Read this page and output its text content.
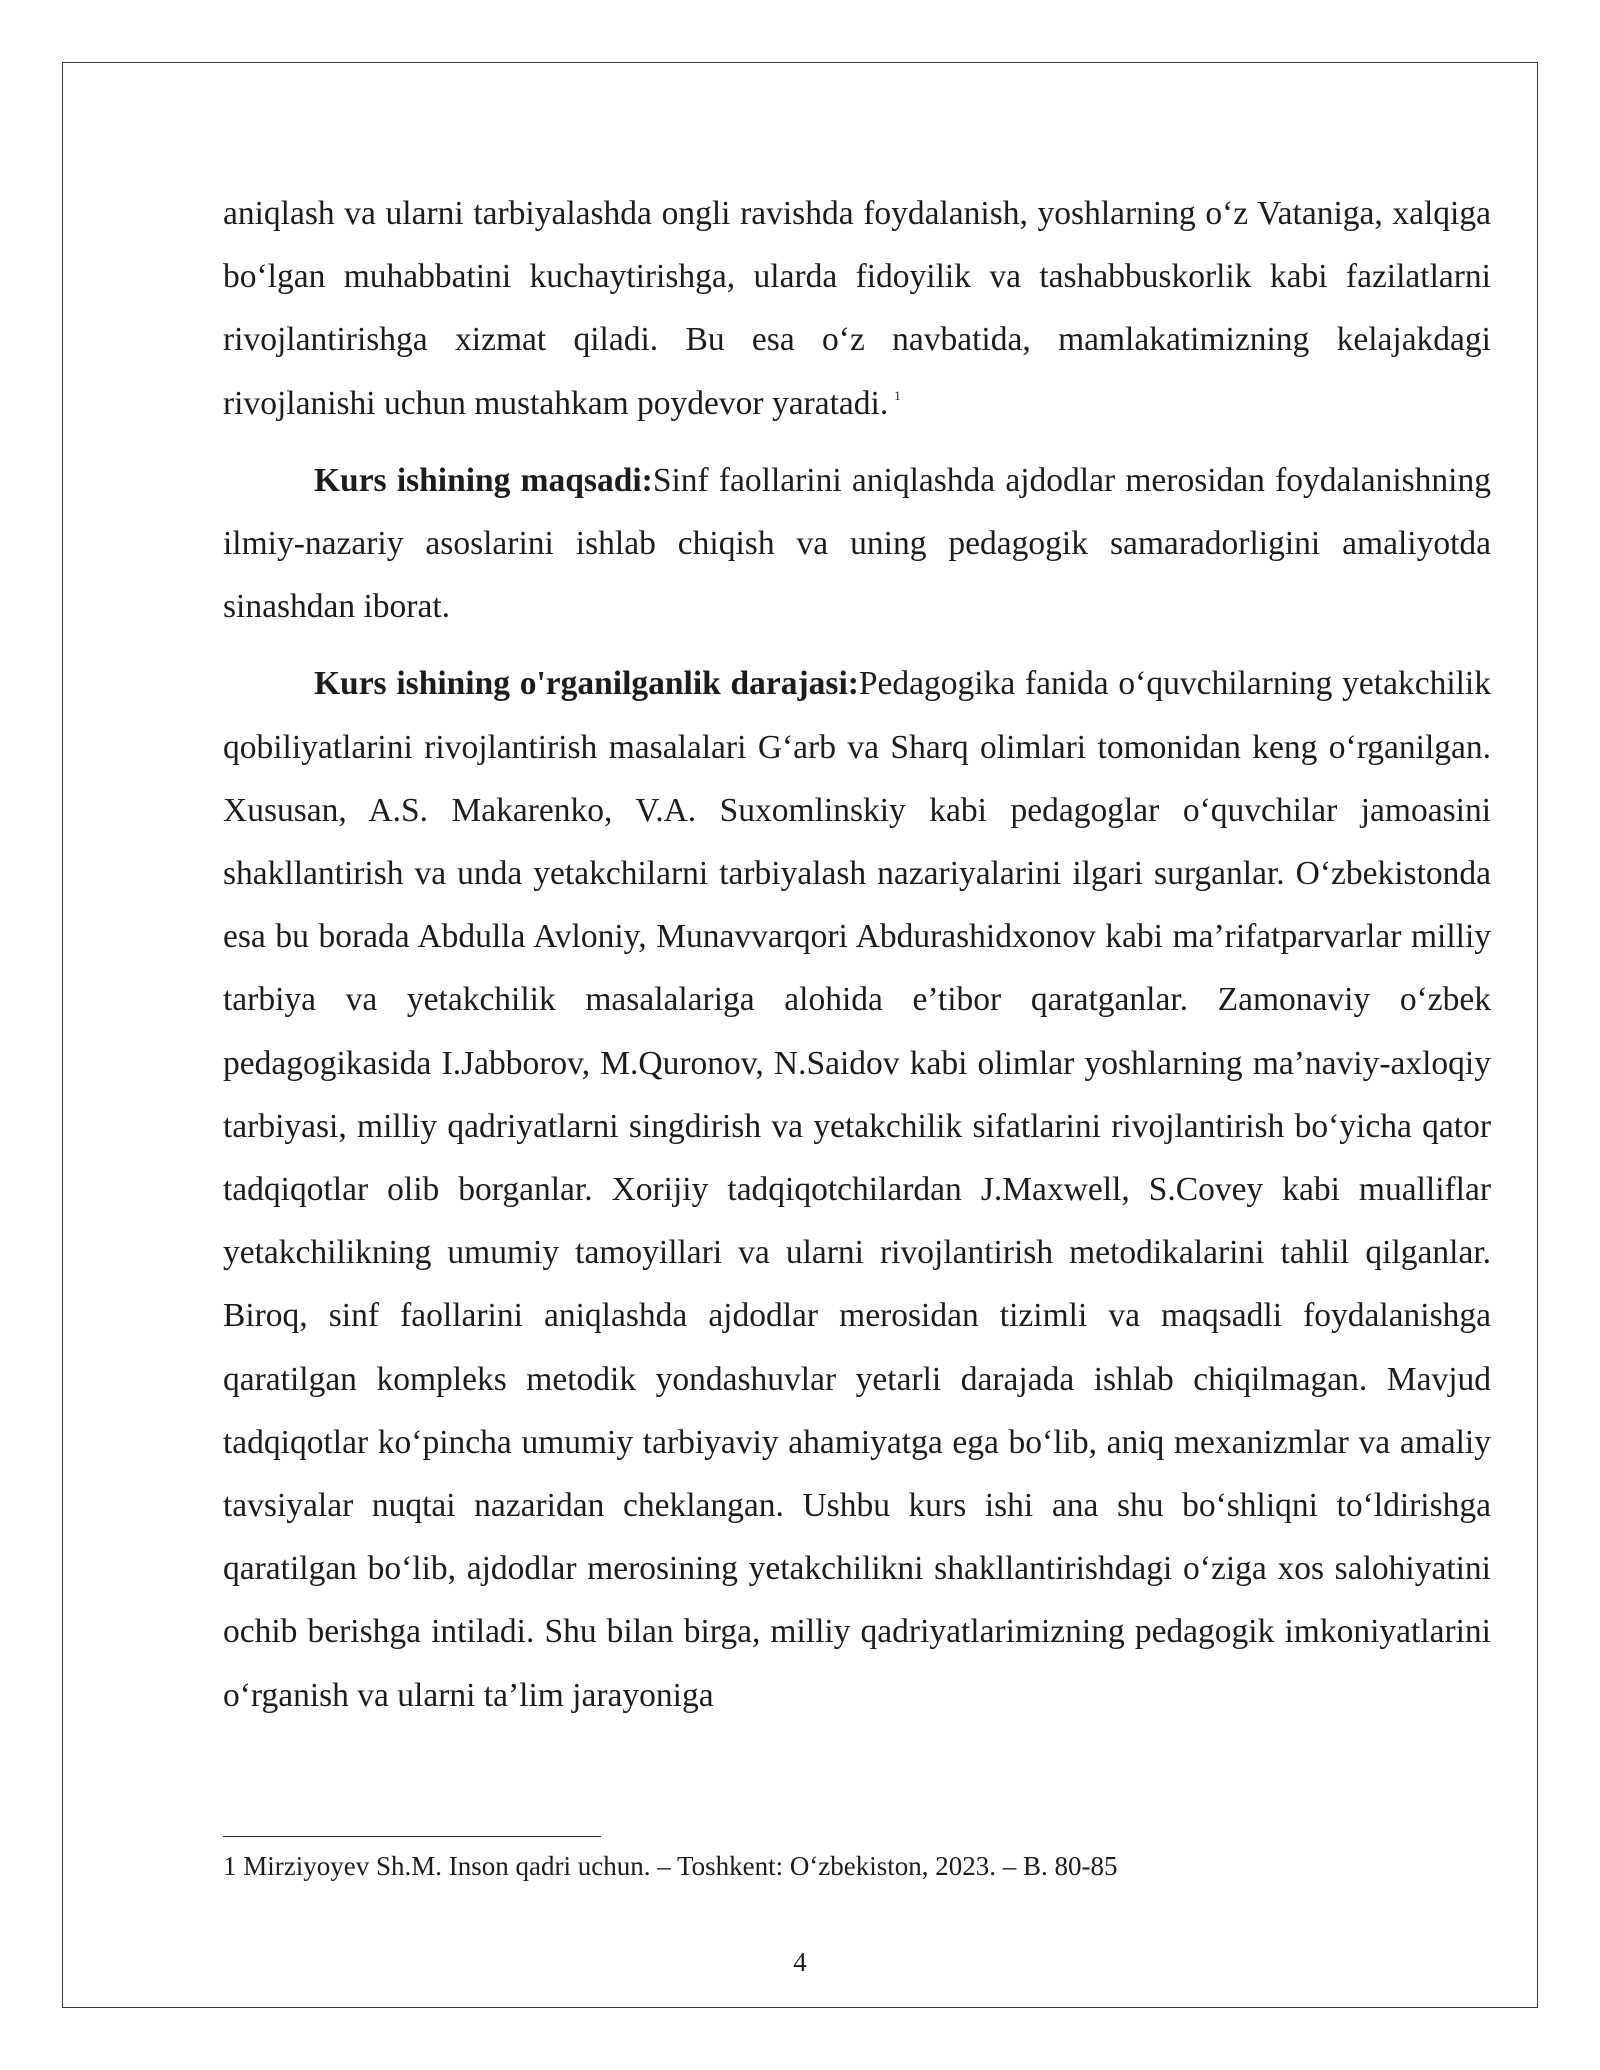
aniqlash va ularni tarbiyalashda ongli ravishda foydalanish, yoshlarning o‘z Vataniga, xalqiga bo‘lgan muhabbatini kuchaytirishga, ularda fidoyilik va tashabbuskorlik kabi fazilatlarni rivojlantirishga xizmat qiladi. Bu esa o‘z navbatida, mamlakatimizning kelajakdagi rivojlanishi uchun mustahkam poydevor yaratadi. $^1$

Kurs ishining maqsadi:Sinf faollarini aniqlashda ajdodlar merosidan foydalanishning ilmiy-nazariy asoslarini ishlab chiqish va uning pedagogik samaradorligini amaliyotda sinashdan iborat.

Kurs ishining o'rganilganlik darajasi:Pedagogika fanida o‘quvchilarning yetakchilik qobiliyatlarini rivojlantirish masalalari G‘arb va Sharq olimlari tomonidan keng o‘rganilgan. Xususan, A.S. Makarenko, V.A. Suxomlinskiy kabi pedagoglar o‘quvchilar jamoasini shakllantirish va unda yetakchilarni tarbiyalash nazariyalarini ilgari surganlar. O‘zbekistonda esa bu borada Abdulla Avloniy, Munavvarqori Abdurashidxonov kabi ma’rifatparvarlar milliy tarbiya va yetakchilik masalalariga alohida e’tibor qaratganlar. Zamonaviy o‘zbek pedagogikasida I.Jabborov, M.Quronov, N.Saidov kabi olimlar yoshlarning ma’naviy-axloqiy tarbiyasi, milliy qadriyatlarni singdirish va yetakchilik sifatlarini rivojlantirish bo‘yicha qator tadqiqotlar olib borganlar. Xorijiy tadqiqotchilardan J.Maxwell, S.Covey kabi mualliflar yetakchilikning umumiy tamoyillari va ularni rivojlantirish metodikalarini tahlil qilganlar. Biroq, sinf faollarini aniqlashda ajdodlar merosidan tizimli va maqsadli foydalanishga qaratilgan kompleks metodik yondashuvlar yetarli darajada ishlab chiqilmagan. Mavjud tadqiqotlar ko‘pincha umumiy tarbiyaviy ahamiyatga ega bo‘lib, aniq mexanizmlar va amaliy tavsiyalar nuqtai nazaridan cheklangan. Ushbu kurs ishi ana shu bo‘shliqni to‘ldirishga qaratilgan bo‘lib, ajdodlar merosining yetakchilikni shakllantirishdagi o‘ziga xos salohiyatini ochib berishga intiladi. Shu bilan birga, milliy qadriyatlarimizning pedagogik imkoniyatlarini o‘rganish va ularni ta’lim jarayoniga

1 Mirziyoyev Sh.M. Inson qadri uchun. – Toshkent: O‘zbekiston, 2023. – B. 80-85
4
